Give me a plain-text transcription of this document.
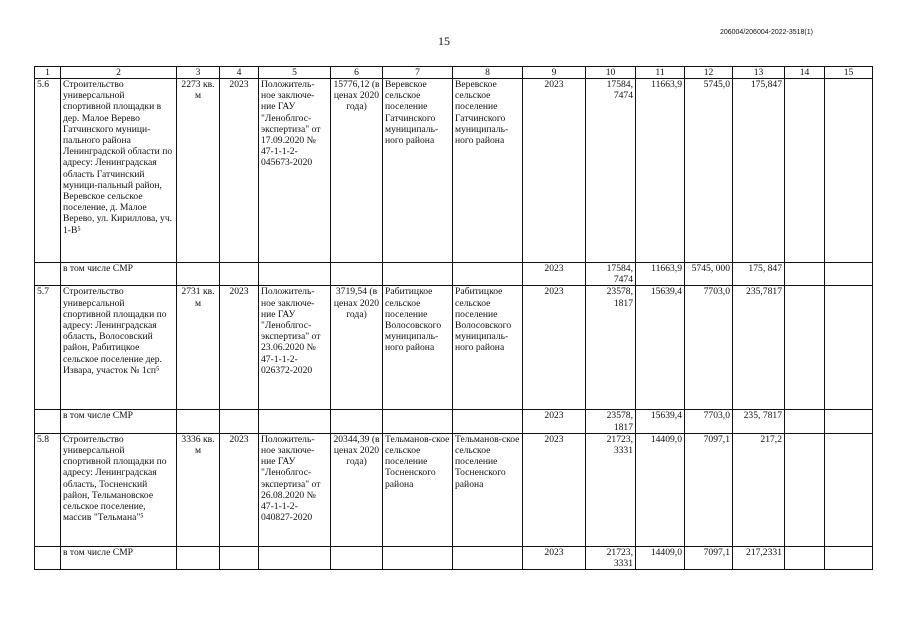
15
206004/206004-2022-3518(1)
1	2	3	4	5	6	7	8	9	10	11	12	13	14	15
5.6	Строительство универсальной спортивной площадки в дер. Малое Верево Гатчинского муници-пального района Ленинградской области по адресу: Ленинградская область Гатчинский муници-пальный район, Веревское сельское поселение, д. Малое Верево, ул. Кириллова, уч. 1-В⁵	2273 кв. м	2023	Положитель-ное заключе-ние ГАУ "Леноблгос-экспертиза" от 17.09.2020 № 47-1-1-2-045673-2020	15776,12 (в ценах 2020 года)	Веревское сельское поселение Гатчинского муниципаль-ного района	Веревское сельское поселение Гатчинского муниципаль-ного района	2023	17584, 7474	11663,9	5745,0	175,847		
	в том числе СМР							2023	17584, 7474	11663,9	5745, 000	175, 847		
5.7	Строительство универсальной спортивной площадки по адресу: Ленинградская область, Волосовский район, Рабитицкое сельское поселение дер. Извара, участок № 1сп⁵	2731 кв. м	2023	Положитель-ное заключе-ние ГАУ "Леноблгос-экспертиза" от 23.06.2020 № 47-1-1-2-026372-2020	3719,54 (в ценах 2020 года)	Рабитицкое сельское поселение Волосовского муниципаль-ного района	Рабитицкое сельское поселение Волосовского муниципаль-ного района	2023	23578, 1817	15639,4	7703,0	235,7817		
	в том числе СМР							2023	23578, 1817	15639,4	7703,0	235, 7817		
5.8	Строительство универсальной спортивной площадки по адресу: Ленинградская область, Тосненский район, Тельмановское сельское поселение, массив "Тельмана"⁵	3336 кв. м	2023	Положитель-ное заключе-ние ГАУ "Леноблгос-экспертиза" от 26.08.2020 № 47-1-1-2-040827-2020	20344,39 (в ценах 2020 года)	Тельманов-ское сельское поселение Тосненского района	Тельманов-ское сельское поселение Тосненского района	2023	21723, 3331	14409,0	7097,1	217,2		
	в том числе СМР							2023	21723, 3331	14409,0	7097,1	217,2331		
